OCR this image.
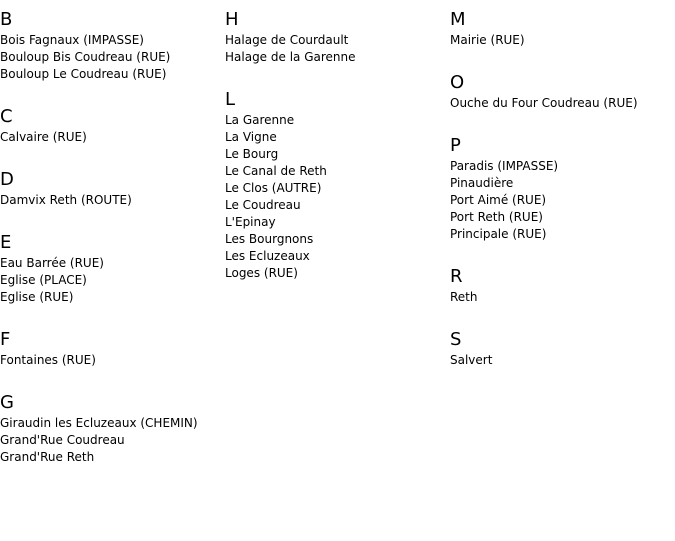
B
Bois Fagnaux (IMPASSE)
Bouloup Bis Coudreau (RUE)
Bouloup Le Coudreau (RUE)
C
Calvaire (RUE)
D
Damvix Reth (ROUTE)
E
Eau Barrée (RUE)
Eglise (PLACE)
Eglise (RUE)
F
Fontaines (RUE)
G
Giraudin les Ecluzeaux (CHEMIN)
Grand'Rue Coudreau
Grand'Rue Reth
H
Halage de Courdault
Halage de la Garenne
L
La Garenne
La Vigne
Le Bourg
Le Canal de Reth
Le Clos (AUTRE)
Le Coudreau
L'Epinay
Les Bourgnons
Les Ecluzeaux
Loges (RUE)
M
Mairie (RUE)
O
Ouche du Four Coudreau (RUE)
P
Paradis (IMPASSE)
Pinaudière
Port Aimé (RUE)
Port Reth (RUE)
Principale (RUE)
R
Reth
S
Salvert
